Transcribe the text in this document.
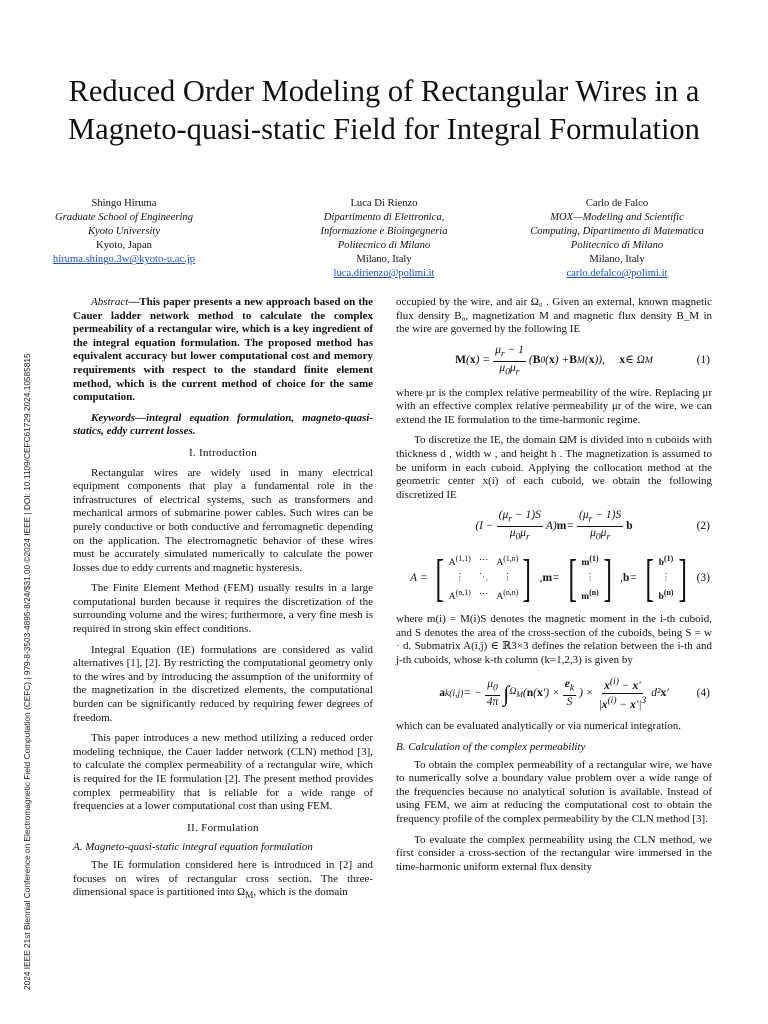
2024 IEEE 21st Biennial Conference on Electromagnetic Field Computation (CEFC) | 979-8-3503-4895-8/24/$31.00 ©2024 IEEE | DOI: 10.1109/CEFC61729.2024.10585815
Reduced Order Modeling of Rectangular Wires in a
Magneto-quasi-static Field for Integral Formulation
Shingo Hiruma
Graduate School of Engineering
Kyoto University
Kyoto, Japan
hiruma.shingo.3w@kyoto-u.ac.jp
Luca Di Rienzo
Dipartimento di Elettronica,
Informazione e Bioingegneria
Politecnico di Milano
Milano, Italy
luca.dirienzo@polimi.it
Carlo de Falco
MOX—Modeling and Scientific
Computing, Dipartimento di Matematica
Politecnico di Milano
Milano, Italy
carlo.defalco@polimi.it

Abstract—This paper presents a new approach based on the Cauer ladder network method to calculate the complex permeability of a rectangular wire, which is a key ingredient of the integral equation formulation. The proposed method has equivalent accuracy but lower computational cost and memory requirements with respect to the standard finite element method, which is the current method of choice for the same computation.

Keywords—integral equation formulation, magneto-quasi-statics, eddy current losses.

I. Introduction

Rectangular wires are widely used in many electrical equipment components that play a fundamental role in the infrastructures of electrical systems, such as transformers and mechanical armors of submarine power cables. Such wires can be purely conductive or both conductive and ferromagnetic depending on the application. The electromagnetic behavior of these wires must be accurately simulated numerically to calculate the power losses due to eddy currents and magnetic hysteresis.

The Finite Element Method (FEM) usually results in a large computational burden because it requires the discretization of the surrounding volume and the wires; furthermore, a very fine mesh is required in strong skin effect conditions.

Integral Equation (IE) formulations are considered as valid alternatives [1], [2]. By restricting the computational geometry only to the wires and by introducing the assumption of the uniformity of the magnetization in the discretized elements, the computational burden can be significantly reduced by requiring fewer degrees of freedom.

This paper introduces a new method utilizing a reduced order modeling technique, the Cauer ladder network (CLN) method [3], to calculate the complex permeability of a rectangular wire, which is required for the IE formulation [2]. The present method provides complex permeability that is reliable for a wide range of frequencies at a lower computational cost than using FEM.

II. Formulation
A. Magneto-quasi-static integral equation formulation

The IE formulation considered here is introduced in [2] and focuses on wires of rectangular cross section. The three-dimensional space is partitioned into $\Omega_M$, which is the domain

occupied by the wire, and air Ω₀ . Given an external, known magnetic flux density B₀, magnetization M and magnetic flux density B_M in the wire are governed by the following IE

M ( x ) = $\frac{\mu_r - 1}{\mu_0\mu_r}$ ( B 0 ( x ) + B M ( x )), x ∈ Ω M	(1)

where μr is the complex relative permeability of the wire. Replacing μr with an effective complex relative permeability μr of the wire, we can extend the IE formulation to the time-harmonic regime.

To discretize the IE, the domain ΩM is divided into n cuboids with thickness d , width w , and height h . The magnetization is assumed to be uniform in each cuboid. Applying the collocation method at the geometric center x(i) of each cuboid, we obtain the following discretized IE

$(I - \frac{(\mu_r - 1)S}{\mu_0\mu_r} A)$ $m = \frac{(\mu_r - 1)S}{\mu_0\mu_r}$ b	(2)
A = [ A$^{(1,1)}$ …
A$^{(1,n)}$
⋮	⋱	⋮
A$^{(n,1)}$ …
A$^{(n,n)}$ ] , m = [ $m^{(1)}$
⋮
$m^{(n)}$ ] , b = [ $b^{(1)}$
⋮
$b^{(n)}$ ] (3)

where m(i) = M(i)S denotes the magnetic moment in the i-th cuboid, and S denotes the area of the cross-section of the cuboids, being S = w · d. Submatrix A(i,j) ∈ ℝ3×3 defines the relation between the i-th and j-th cuboids, whose k-th column (k=1,2,3) is given by

a k (i,j) = − $\frac{\mu_0}{4\pi}$ ∫ $\Omega_M$ ( n ( x ′) × $\frac{e_k}{S}$ ) × $\frac{x^{(i)} - x'}{|x^{(i)} - x'|^3} d^2$ x ′ (4)

which can be evaluated analytically or via numerical integration.

B. Calculation of the complex permeability

To obtain the complex permeability of a rectangular wire, we have to numerically solve a boundary value problem over a wide range of the frequencies because no analytical solution is available. Instead of using FEM, we aim at reducing the computational cost to obtain the frequency profile of the complex permeability by the CLN method [3].

To evaluate the complex permeability using the CLN method, we first consider a cross-section of the rectangular wire immersed in the time-harmonic uniform external flux density
